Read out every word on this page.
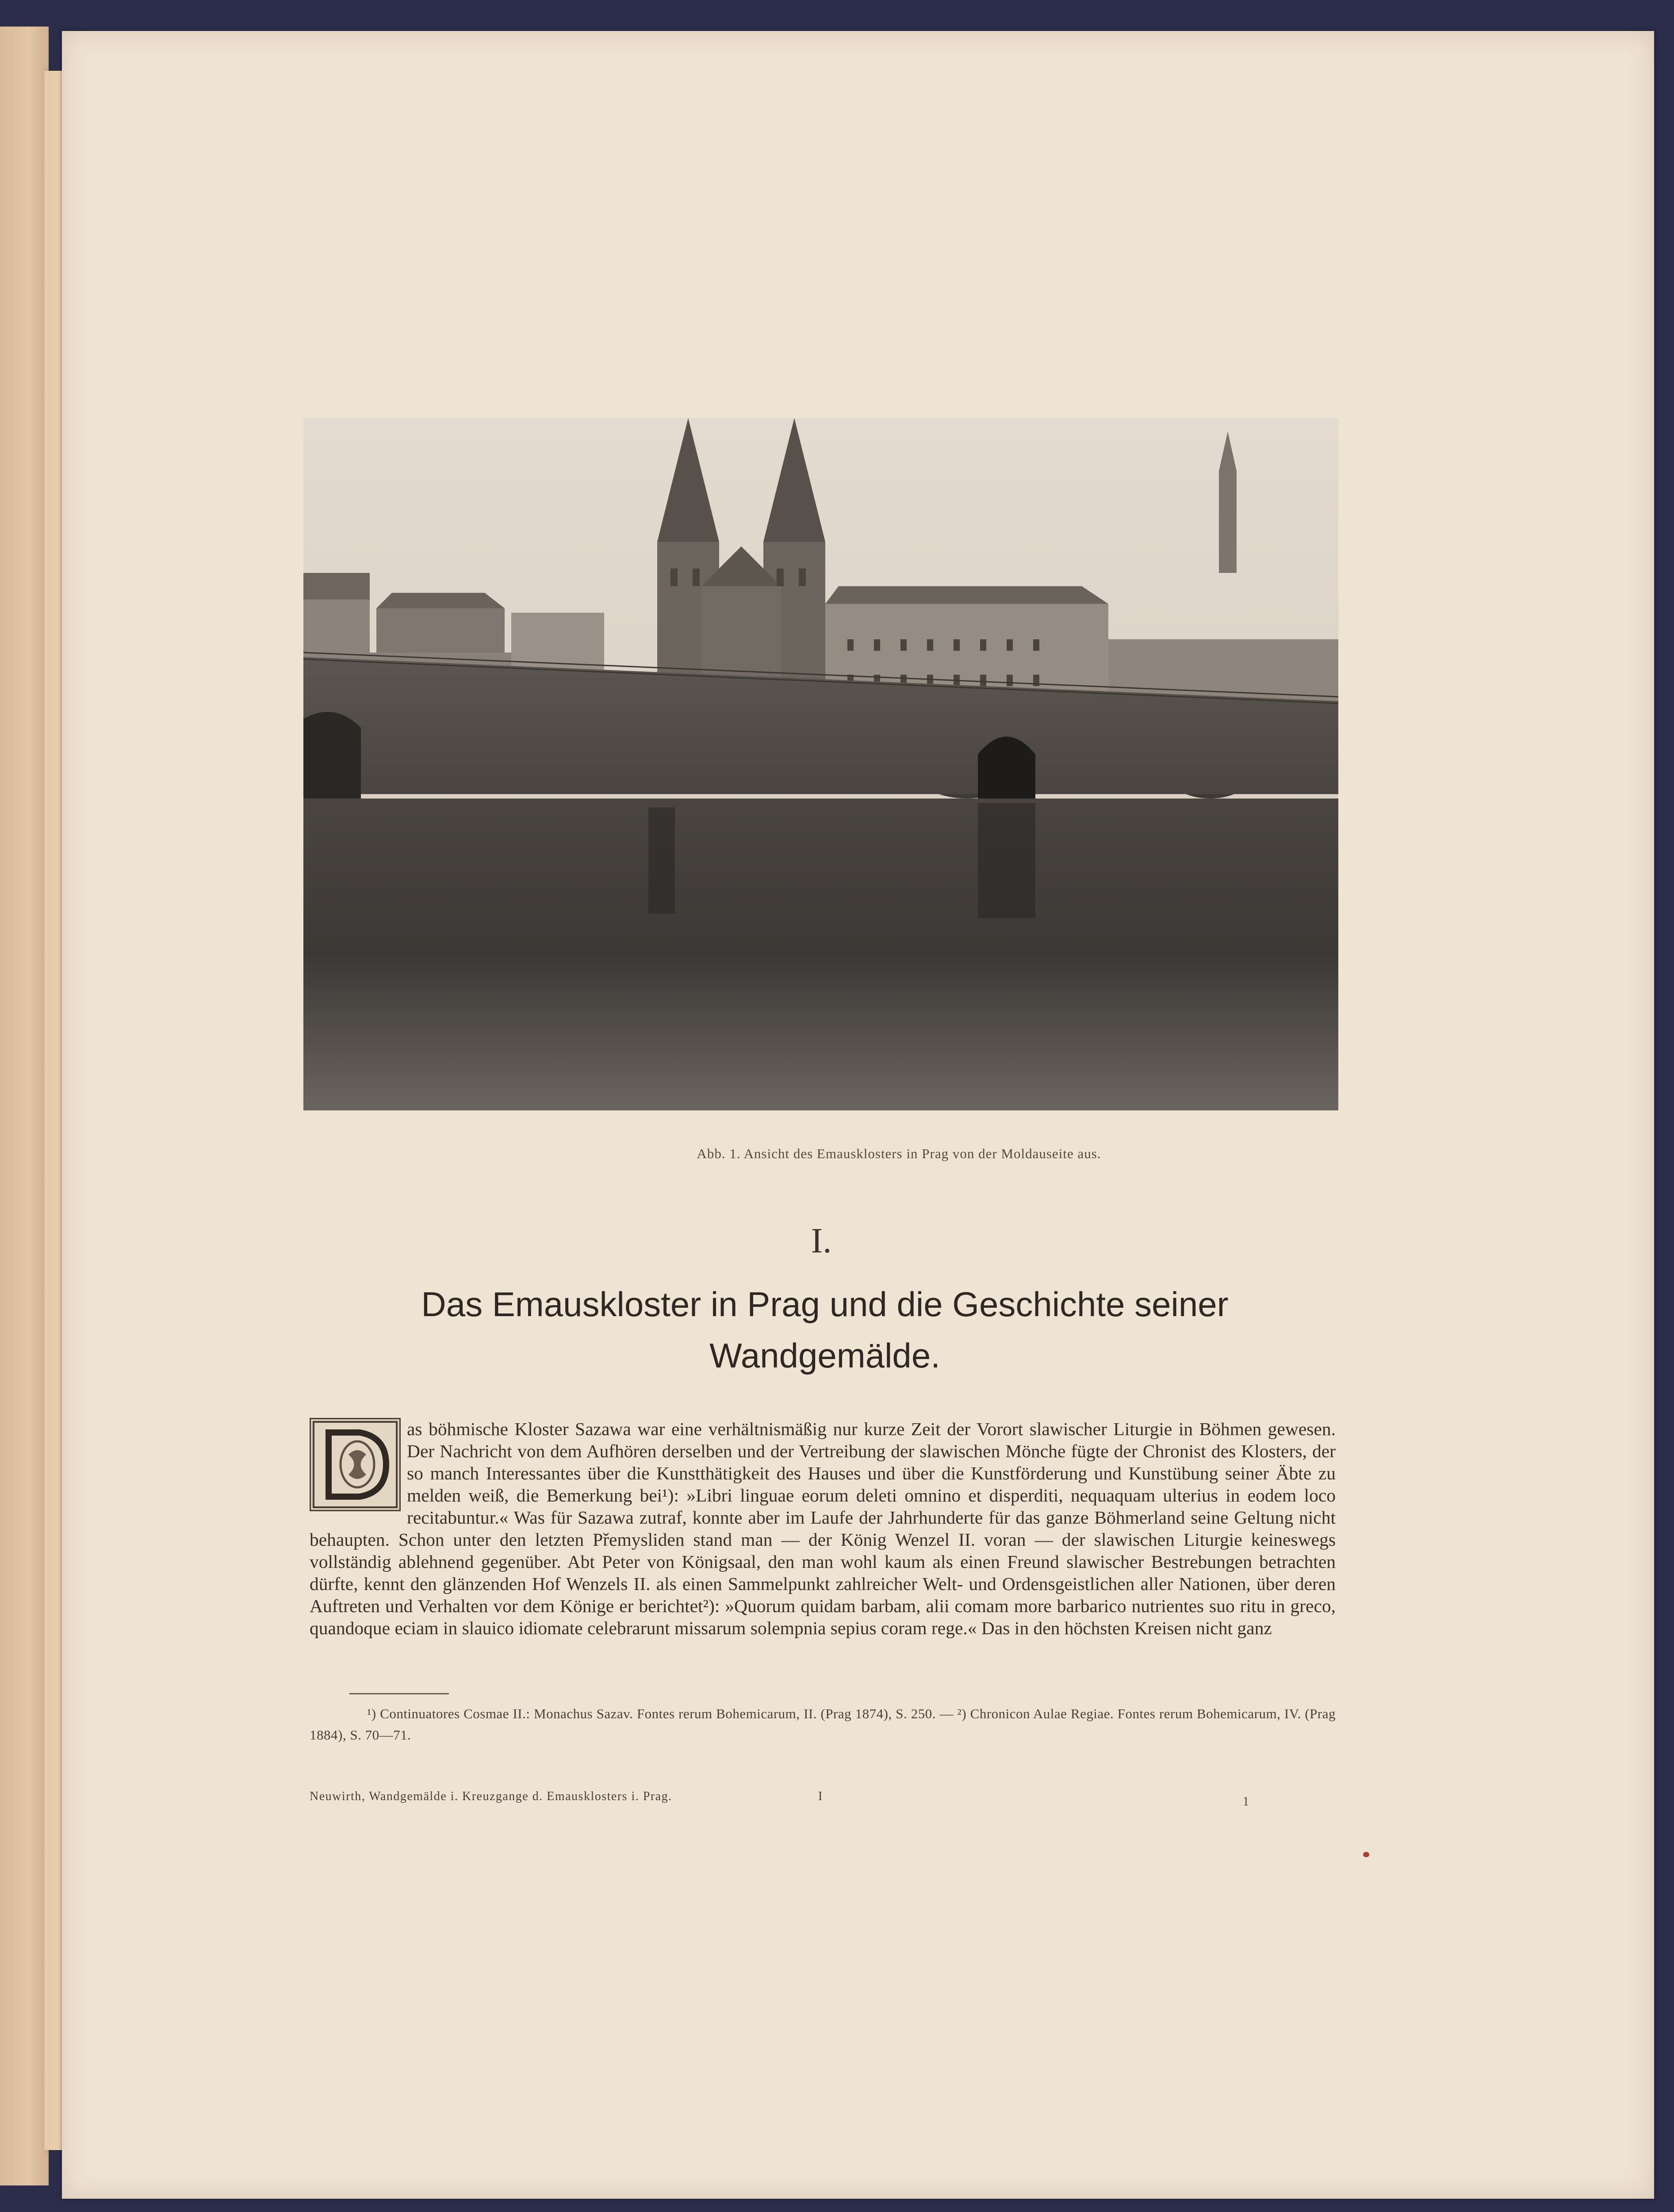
Abb. 1. Ansicht des Emausklosters in Prag von der Moldauseite aus.
I.
Das Emauskloster in Prag und die Geschichte seiner
Wandgemälde.
as böhmische Kloster Sazawa war eine verhältnismäßig nur kurze Zeit der Vorort slawischer Liturgie in Böhmen gewesen. Der Nachricht von dem Aufhören derselben und der Vertreibung der slawischen Mönche fügte der Chronist des Klosters, der so manch Interessantes über die Kunstthätigkeit des Hauses und über die Kunstförderung und Kunstübung seiner Äbte zu melden weiß, die Bemerkung bei¹): »Libri linguae eorum deleti omnino et disperditi, nequaquam ulterius in eodem loco recitabuntur.« Was für Sazawa zutraf, konnte aber im Laufe der Jahrhunderte für das ganze Böhmerland seine Geltung nicht behaupten. Schon unter den letzten Přemysliden stand man — der König Wenzel II. voran — der slawischen Liturgie keineswegs vollständig ablehnend gegenüber. Abt Peter von Königsaal, den man wohl kaum als einen Freund slawischer Bestrebungen betrachten dürfte, kennt den glänzenden Hof Wenzels II. als einen Sammelpunkt zahlreicher Welt- und Ordensgeistlichen aller Nationen, über deren Auftreten und Verhalten vor dem Könige er berichtet²): »Quorum quidam barbam, alii comam more barbarico nutrientes suo ritu in greco, quandoque eciam in slauico idiomate celebrarunt missarum solempnia sepius coram rege.« Das in den höchsten Kreisen nicht ganz
¹) Continuatores Cosmae II.: Monachus Sazav. Fontes rerum Bohemicarum, II. (Prag 1874), S. 250. — ²) Chronicon Aulae Regiae. Fontes rerum Bohemicarum, IV. (Prag 1884), S. 70—71.
Neuwirth, Wandgemälde i. Kreuzgange d. Emausklosters i. Prag.	I	1
